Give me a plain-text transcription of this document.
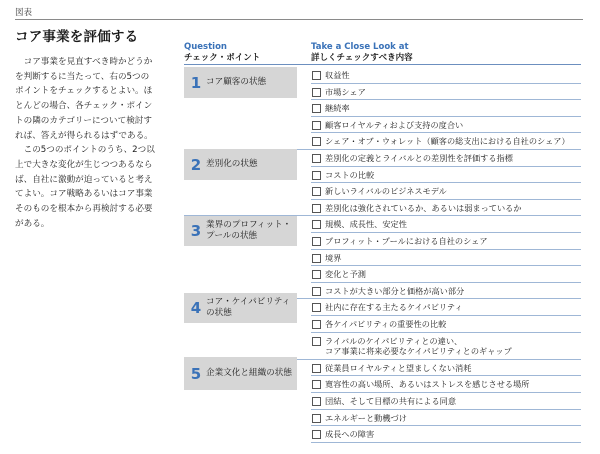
図表
コア事業を評価する

コア事業を見直すべき時かどうかを判断するに当たって、右の5つのポイントをチェックするとよい。ほとんどの場合、各チェック・ポイントの隣のカテゴリーについて検討すれば、答えが得られるはずである。

この5つのポイントのうち、2つ以上で大きな変化が生じつつあるならば、自社に激動が迫っていると考えてよい。コア戦略あるいはコア事業そのものを根本から再検討する必要がある。

Question
チェック・ポイント
Take a Close Look at
詳しくチェックすべき内容
1 コア顧客の状態
収益性
市場シェア
継続率
顧客ロイヤルティおよび支持の度合い
シェア・オブ・ウォレット（顧客の総支出における自社のシェア）
2 差別化の状態
差別化の定義とライバルとの差別性を評価する指標
コストの比較
新しいライバルのビジネスモデル
差別化は強化されているか、あるいは弱まっているか
3 業界のプロフィット・プールの状態
規模、成長性、安定性
プロフィット・プールにおける自社のシェア
境界
変化と予測
コストが大きい部分と価格が高い部分
4 コア・ケイパビリティの状態
社内に存在する主たるケイパビリティ
各ケイパビリティの重要性の比較
ライバルのケイパビリティとの違い、
コア事業に将来必要なケイパビリティとのギャップ
5 企業文化と組織の状態
従業員ロイヤルティと望ましくない消耗
寛容性の高い場所、あるいはストレスを感じさせる場所
団結、そして目標の共有による同意
エネルギーと動機づけ
成長への障害
